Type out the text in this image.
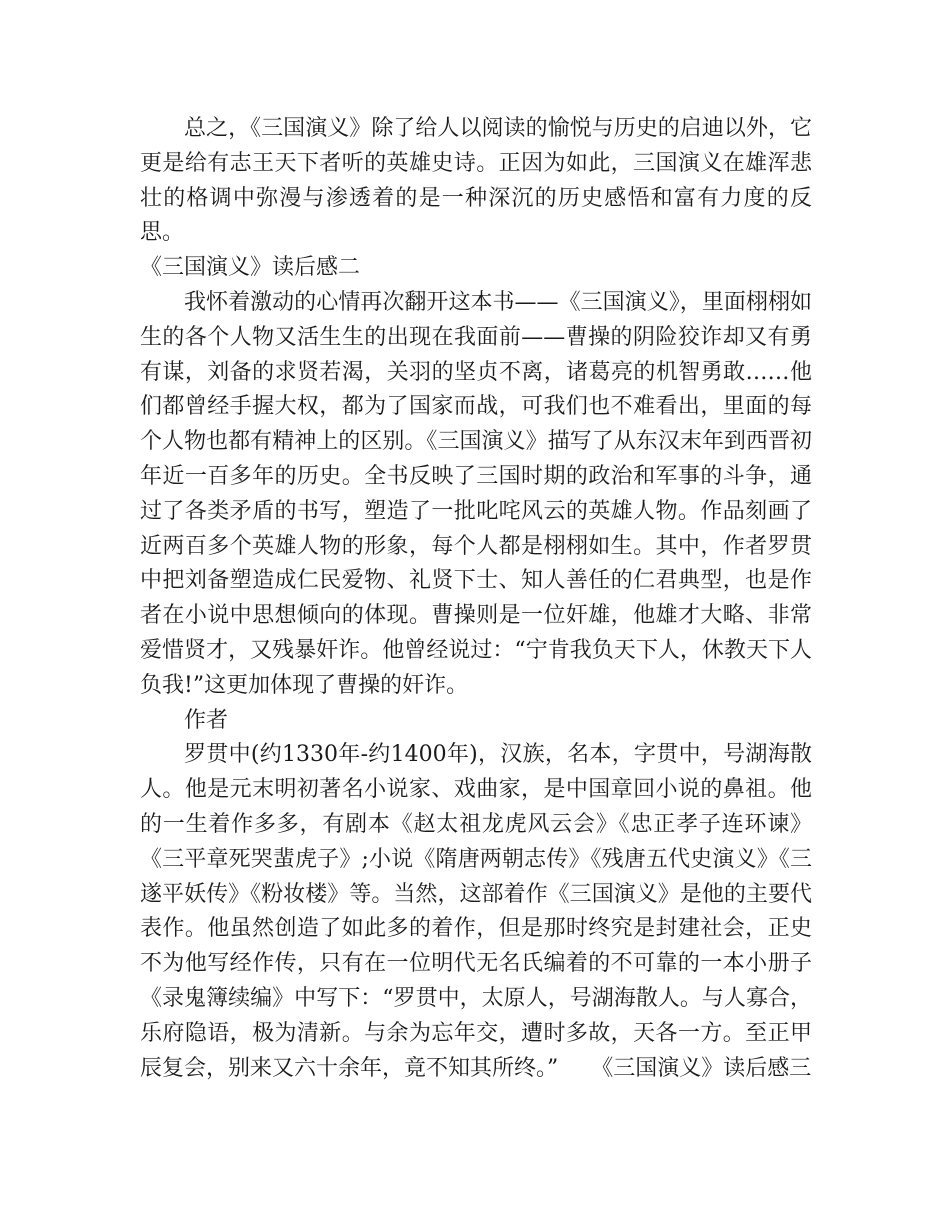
总之，《三国演义》除了给人以阅读的愉悦与历史的启迪以外，它更是给有志王天下者听的英雄史诗。正因为如此，三国演义在雄浑悲壮的格调中弥漫与渗透着的是一种深沉的历史感悟和富有力度的反思。

《三国演义》读后感二

我怀着激动的心情再次翻开这本书——《三国演义》，里面栩栩如生的各个人物又活生生的出现在我面前——曹操的阴险狡诈却又有勇有谋，刘备的求贤若渴，关羽的坚贞不离，诸葛亮的机智勇敢……他们都曾经手握大权，都为了国家而战，可我们也不难看出，里面的每个人物也都有精神上的区别。《三国演义》描写了从东汉末年到西晋初年近一百多年的历史。全书反映了三国时期的政治和军事的斗争，通过了各类矛盾的书写，塑造了一批叱咤风云的英雄人物。作品刻画了近两百多个英雄人物的形象，每个人都是栩栩如生。其中，作者罗贯中把刘备塑造成仁民爱物、礼贤下士、知人善任的仁君典型，也是作者在小说中思想倾向的体现。曹操则是一位奸雄，他雄才大略、非常爱惜贤才，又残暴奸诈。他曾经说过：“宁肯我负天下人，休教天下人负我!”这更加体现了曹操的奸诈。

作者

罗贯中(约1330年-约1400年)，汉族，名本，字贯中，号湖海散人。他是元末明初著名小说家、戏曲家，是中国章回小说的鼻祖。他的一生着作多多，有剧本《赵太祖龙虎风云会》《忠正孝子连环谏》《三平章死哭蜚虎子》;小说《隋唐两朝志传》《残唐五代史演义》《三遂平妖传》《粉妆楼》等。当然，这部着作《三国演义》是他的主要代表作。他虽然创造了如此多的着作，但是那时终究是封建社会，正史不为他写经作传，只有在一位明代无名氏编着的不可靠的一本小册子《录鬼簿续编》中写下：“罗贯中，太原人，号湖海散人。与人寡合，乐府隐语，极为清新。与余为忘年交，遭时多故，天各一方。至正甲辰复会，别来又六十余年，竟不知其所终。”　　《三国演义》读后感三
